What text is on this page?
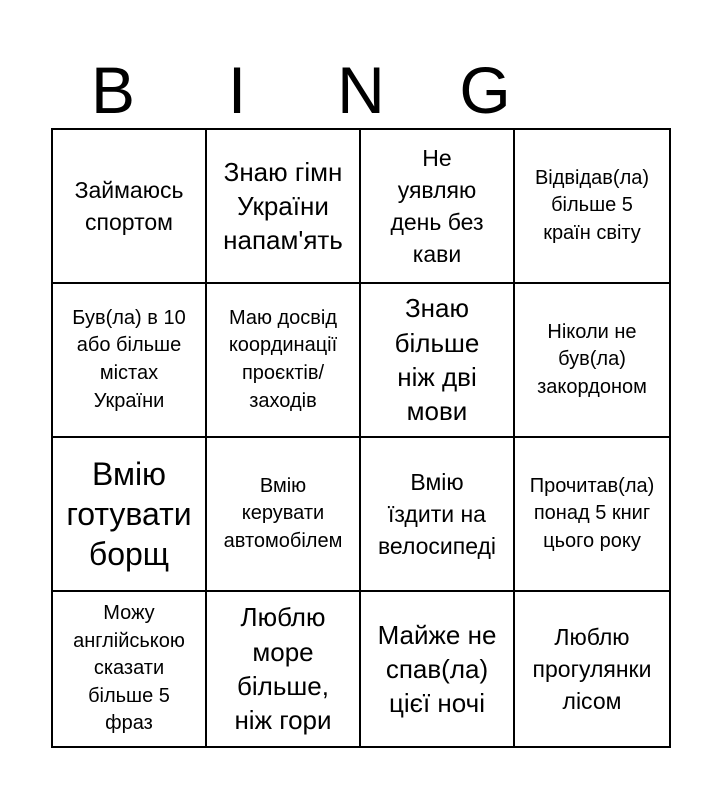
B	I	N	G
Займаюсь
спортом
Знаю гімн
України
напам'ять
Не
уявляю
день без
кави
Відвідав(ла)
більше 5
країн світу
Був(ла) в 10
або більше
містах
України
Маю досвід
координації
проєктів/
заходів
Знаю
більше
ніж дві
мови
Ніколи не
був(ла)
закордоном
Вмію
готувати
борщ
Вмію
керувати
автомобілем
Вмію
їздити на
велосипеді
Прочитав(ла)
понад 5 книг
цього року
Можу
англійською
сказати
більше 5
фраз
Люблю
море
більше,
ніж гори
Майже не
спав(ла)
цієї ночі
Люблю
прогулянки
лісом
